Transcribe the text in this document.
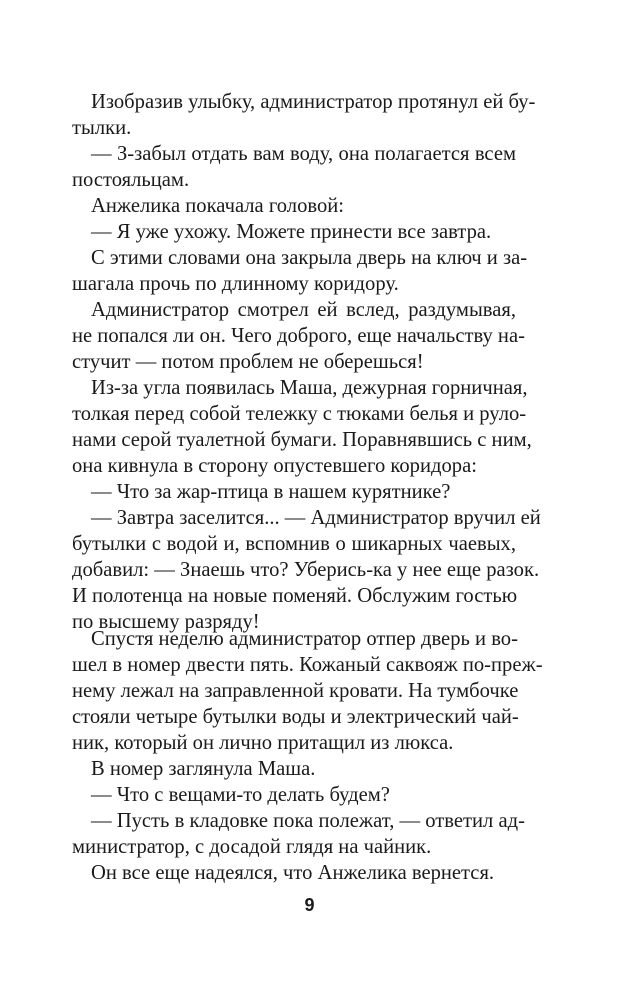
Изобразив улыбку, администратор протянул ей бу-
тылки.
— З-забыл отдать вам воду, она полагается всем
постояльцам.
Анжелика покачала головой:
— Я уже ухожу. Можете принести все завтра.
С этими словами она закрыла дверь на ключ и за-
шагала прочь по длинному коридору.
Администратор смотрел ей вслед, раздумывая,
не попался ли он. Чего доброго, еще начальству на-
стучит — потом проблем не оберешься!
Из-за угла появилась Маша, дежурная горничная,
толкая перед собой тележку с тюками белья и руло-
нами серой туалетной бумаги. Поравнявшись с ним,
она кивнула в сторону опустевшего коридора:
— Что за жар-птица в нашем курятнике?
— Завтра заселится... — Администратор вручил ей
бутылки с водой и, вспомнив о шикарных чаевых,
добавил: — Знаешь что? Уберись-ка у нее еще разок.
И полотенца на новые поменяй. Обслужим гостью
по высшему разряду!
Спустя неделю администратор отпер дверь и во-
шел в номер двести пять. Кожаный саквояж по-преж-
нему лежал на заправленной кровати. На тумбочке
стояли четыре бутылки воды и электрический чай-
ник, который он лично притащил из люкса.
В номер заглянула Маша.
— Что с вещами-то делать будем?
— Пусть в кладовке пока полежат, — ответил ад-
министратор, с досадой глядя на чайник.
Он все еще надеялся, что Анжелика вернется.
9
